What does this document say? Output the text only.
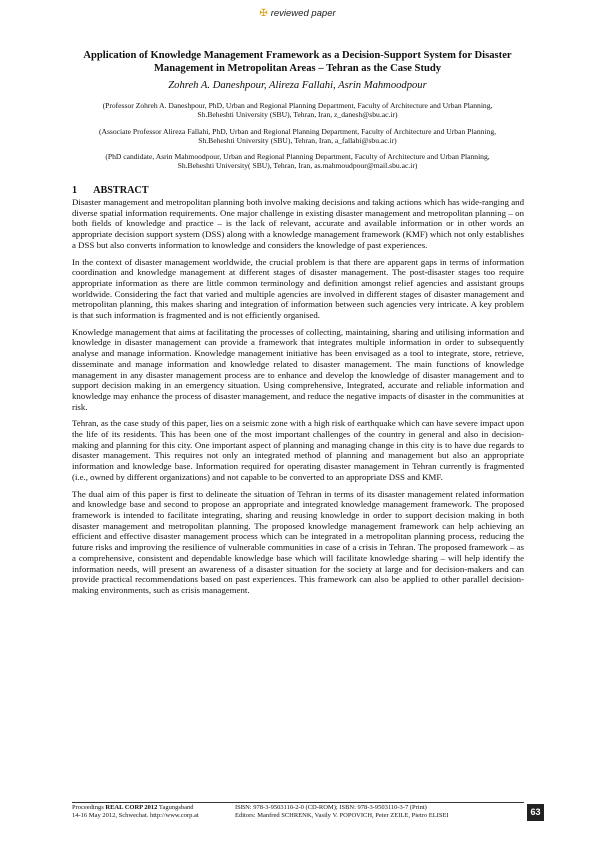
✠ reviewed paper
Application of Knowledge Management Framework as a Decision-Support System for Disaster
Management in Metropolitan Areas – Tehran as the Case Study
Zohreh A. Daneshpour, Alireza Fallahi, Asrin Mahmoodpour
(Professor Zohreh A. Daneshpour, PhD, Urban and Regional Planning Department, Faculty of Architecture and Urban Planning,
Sh.Beheshti University (SBU), Tehran, Iran, z_danesh@sbu.ac.ir)
(Associate Professor Alireza Fallahi, PhD, Urban and Regional Planning Department, Faculty of Architecture and Urban Planning,
Sh.Beheshti University (SBU), Tehran, Iran, a_fallahi@sbu.ac.ir)
(PhD candidate, Asrin Mahmoodpour, Urban and Regional Planning Department, Faculty of Architecture and Urban Planning,
Sh.Beheshti University( SBU), Tehran, Iran, as.mahmoudpour@mail.sbu.ac.ir)
1 ABSTRACT

Disaster management and metropolitan planning both involve making decisions and taking actions which has wide-ranging and diverse spatial information requirements. One major challenge in existing disaster management and metropolitan planning – on both fields of knowledge and practice – is the lack of relevant, accurate and available information or in other words an appropriate decision support system (DSS) along with a knowledge management framework (KMF) which not only establishes a DSS but also converts information to knowledge and considers the knowledge of past experiences.

In the context of disaster management worldwide, the crucial problem is that there are apparent gaps in terms of information coordination and knowledge management at different stages of disaster management. The post-disaster stages too require appropriate information as there are little common terminology and definition amongst relief agencies and assistant groups worldwide. Considering the fact that varied and multiple agencies are involved in different stages of disaster management and metropolitan planning, this makes sharing and integration of information between such agencies very intricate. A key problem is that such information is fragmented and is not efficiently organised.

Knowledge management that aims at facilitating the processes of collecting, maintaining, sharing and utilising information and knowledge in disaster management can provide a framework that integrates multiple information in order to subsequently analyse and manage information. Knowledge management initiative has been envisaged as a tool to integrate, store, retrieve, disseminate and manage information and knowledge related to disaster management. The main functions of knowledge management in any disaster management process are to enhance and develop the knowledge of disaster management and to support decision making in an emergency situation. Using comprehensive, Integrated, accurate and reliable information and knowledge may enhance the process of disaster management, and reduce the negative impacts of disaster in the communities at risk.

Tehran, as the case study of this paper, lies on a seismic zone with a high risk of earthquake which can have severe impact upon the life of its residents. This has been one of the most important challenges of the country in general and also in decision-making and planning for this city. One important aspect of planning and managing change in this city is to have due regards to disaster management. This requires not only an integrated method of planning and management but also an appropriate information and knowledge base. Information required for operating disaster management in Tehran currently is fragmented (i.e., owned by different organizations) and not capable to be converted to an appropriate DSS and KMF.

The dual aim of this paper is first to delineate the situation of Tehran in terms of its disaster management related information and knowledge base and second to propose an appropriate and integrated knowledge management framework. The proposed framework is intended to facilitate integrating, sharing and reusing knowledge in order to support decision making in both disaster management and metropolitan planning. The proposed knowledge management framework can help achieving an efficient and effective disaster management process which can be integrated in a metropolitan planning process, reducing the future risks and improving the resilience of vulnerable communities in case of a crisis in Tehran. The proposed framework – as a comprehensive, consistent and dependable knowledge base which will facilitate knowledge sharing – will help identify the information needs, will present an awareness of a disaster situation for the society at large and for decision-makers and can provide practical recommendations based on past experiences. This framework can also be applied to other parallel decision-making environments, such as crisis management.

Proceedings REAL CORP 2012 Tagungsband	ISBN: 978-3-9503110-2-0 (CD-ROM); ISBN: 978-3-9503110-3-7 (Print)
14-16 May 2012, Schwechat. http://www.corp.at	Editors: Manfred SCHRENK, Vasily V. POPOVICH, Peter ZEILE, Pietro ELISEI	63
